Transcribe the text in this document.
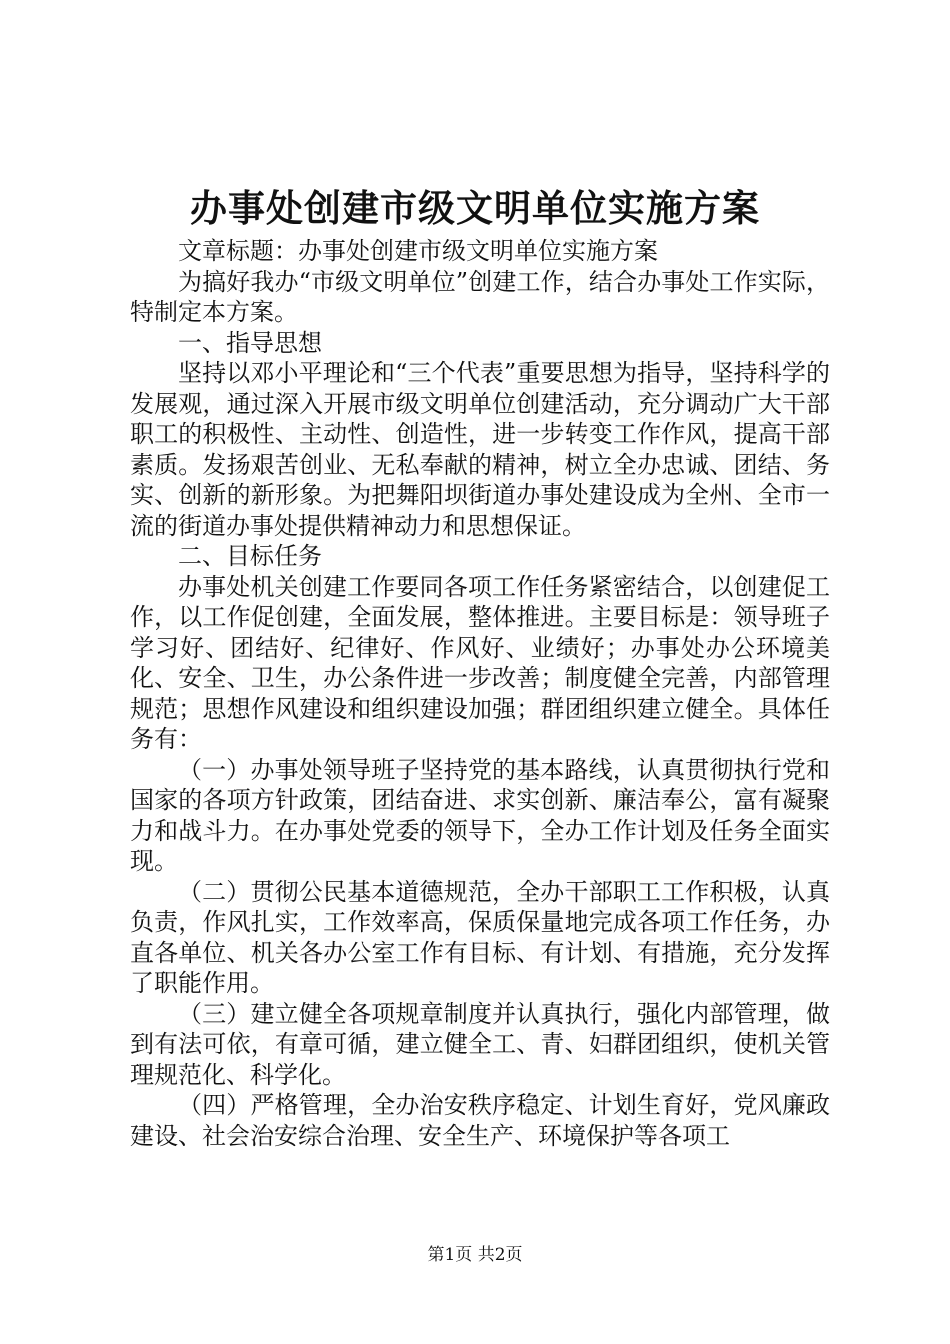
办事处创建市级文明单位实施方案

文章标题：办事处创建市级文明单位实施方案

为搞好我办“市级文明单位”创建工作，结合办事处工作实际，特制定本方案。

一、指导思想

坚持以邓小平理论和“三个代表”重要思想为指导，坚持科学的发展观，通过深入开展市级文明单位创建活动，充分调动广大干部职工的积极性、主动性、创造性，进一步转变工作作风，提高干部素质。发扬艰苦创业、无私奉献的精神，树立全办忠诚、团结、务实、创新的新形象。为把舞阳坝街道办事处建设成为全州、全市一流的街道办事处提供精神动力和思想保证。

二、目标任务

办事处机关创建工作要同各项工作任务紧密结合，以创建促工作，以工作促创建，全面发展，整体推进。主要目标是：领导班子学习好、团结好、纪律好、作风好、业绩好；办事处办公环境美化、安全、卫生，办公条件进一步改善；制度健全完善，内部管理规范；思想作风建设和组织建设加强；群团组织建立健全。具体任务有：

（一）办事处领导班子坚持党的基本路线，认真贯彻执行党和国家的各项方针政策，团结奋进、求实创新、廉洁奉公，富有凝聚力和战斗力。在办事处党委的领导下，全办工作计划及任务全面实现。

（二）贯彻公民基本道德规范，全办干部职工工作积极，认真负责，作风扎实，工作效率高，保质保量地完成各项工作任务，办直各单位、机关各办公室工作有目标、有计划、有措施，充分发挥了职能作用。

（三）建立健全各项规章制度并认真执行，强化内部管理，做到有法可依，有章可循，建立健全工、青、妇群团组织，使机关管理规范化、科学化。

（四）严格管理，全办治安秩序稳定、计划生育好，党风廉政建设、社会治安综合治理、安全生产、环境保护等各项工

第1页 共2页
